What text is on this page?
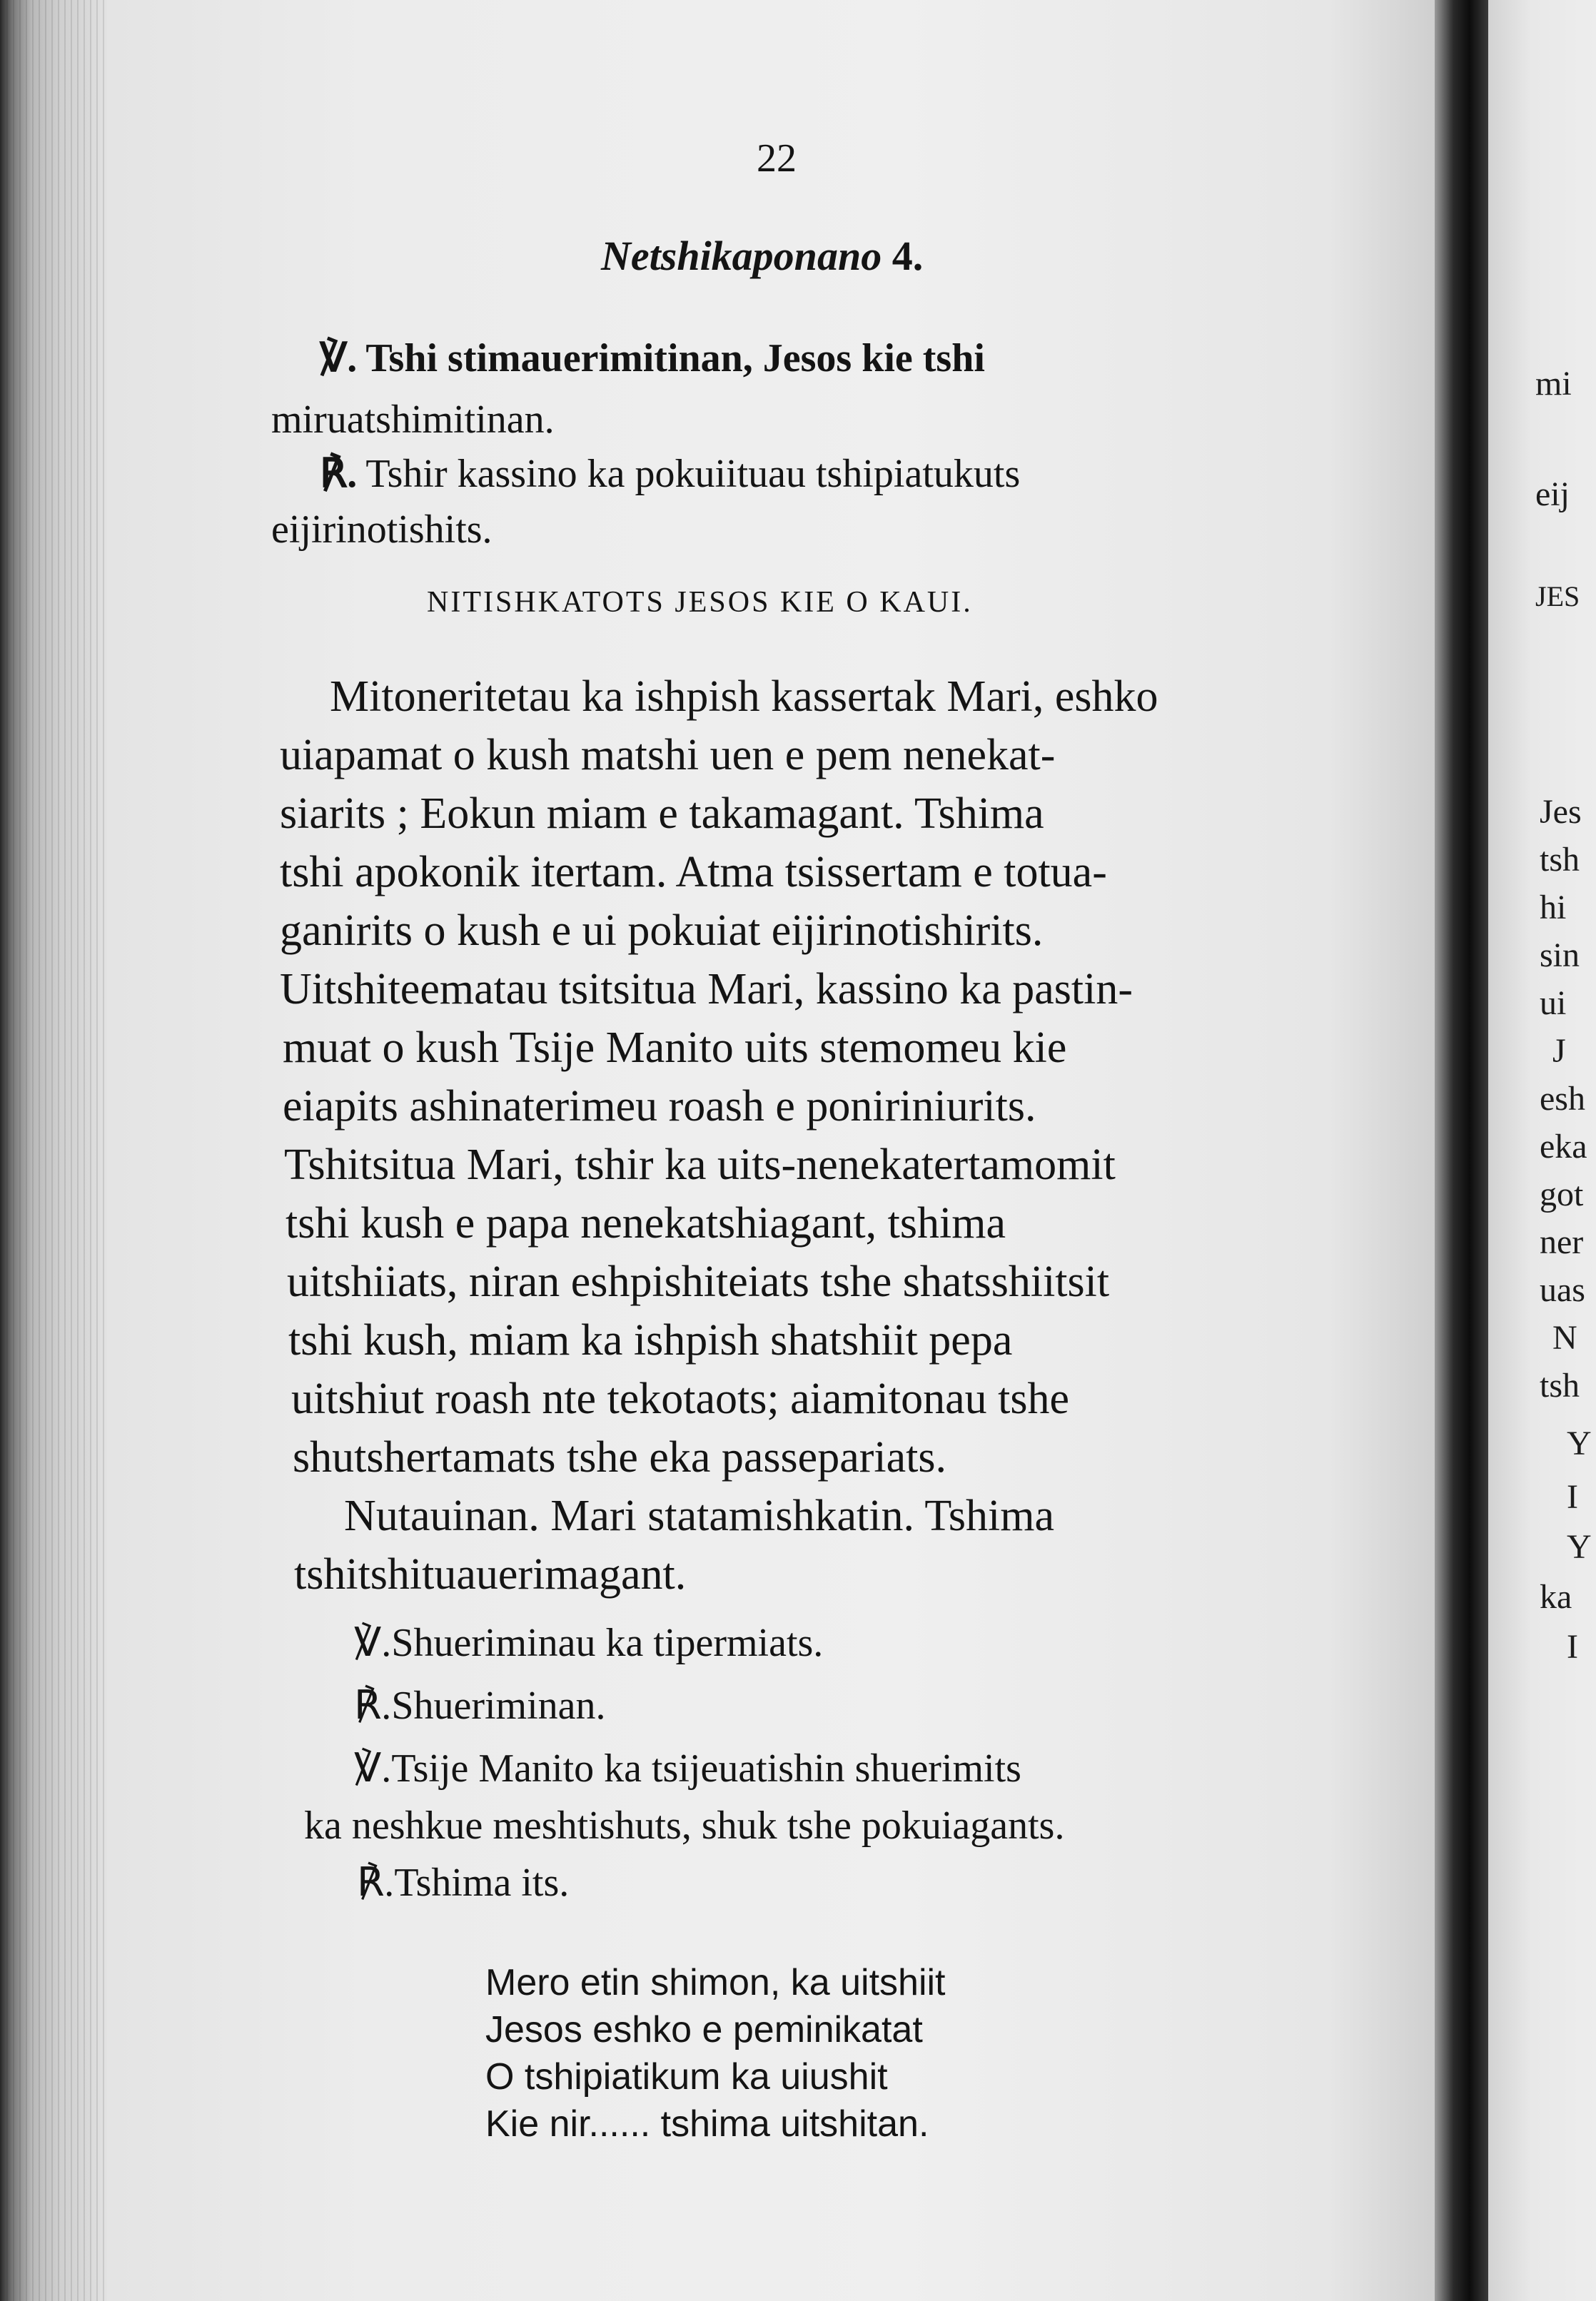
mi

eij

JES

Jes

tsh

hi

sin

ui

J

esh

eka

got

ner

uas

N

tsh

Y

I

Y

ka

I

22

Netshikaponano 4.

℣. Tshi stimauerimitinan, Jesos kie tshi

miruatshimitinan.

℟. Tshir kassino ka pokuiituau tshipiatukuts

eijirinotishits.

NITISHKATOTS JESOS KIE O KAUI.

Mitoneritetau ka ishpish kassertak Mari, eshko

uiapamat o kush matshi uen e pem nenekat-

siarits ; Eokun miam e takamagant. Tshima

tshi apokonik itertam. Atma tsissertam e totua-

ganirits o kush e ui pokuiat eijirinotishirits.

Uitshiteematau tsitsitua Mari, kassino ka pastin-

muat o kush Tsije Manito uits stemomeu kie

eiapits ashinaterimeu roash e poniriniurits.

Tshitsitua Mari, tshir ka uits-nenekatertamomit

tshi kush e papa nenekatshiagant, tshima

uitshiiats, niran eshpishiteiats tshe shatsshiitsit

tshi kush, miam ka ishpish shatshiit pepa

uitshiut roash nte tekotaots; aiamitonau tshe

shutshertamats tshe eka passepariats.

Nutauinan. Mari statamishkatin. Tshima

tshitshituauerimagant.

℣.Shueriminau ka tipermiats.

℟.Shueriminan.

℣.Tsije Manito ka tsijeuatishin shuerimits

ka neshkue meshtishuts, shuk tshe pokuiagants.

℟.Tshima its.

Mero etin shimon, ka uitshiit

Jesos eshko e peminikatat

O tshipiatikum ka uiushit

Kie nir...... tshima uitshitan.
